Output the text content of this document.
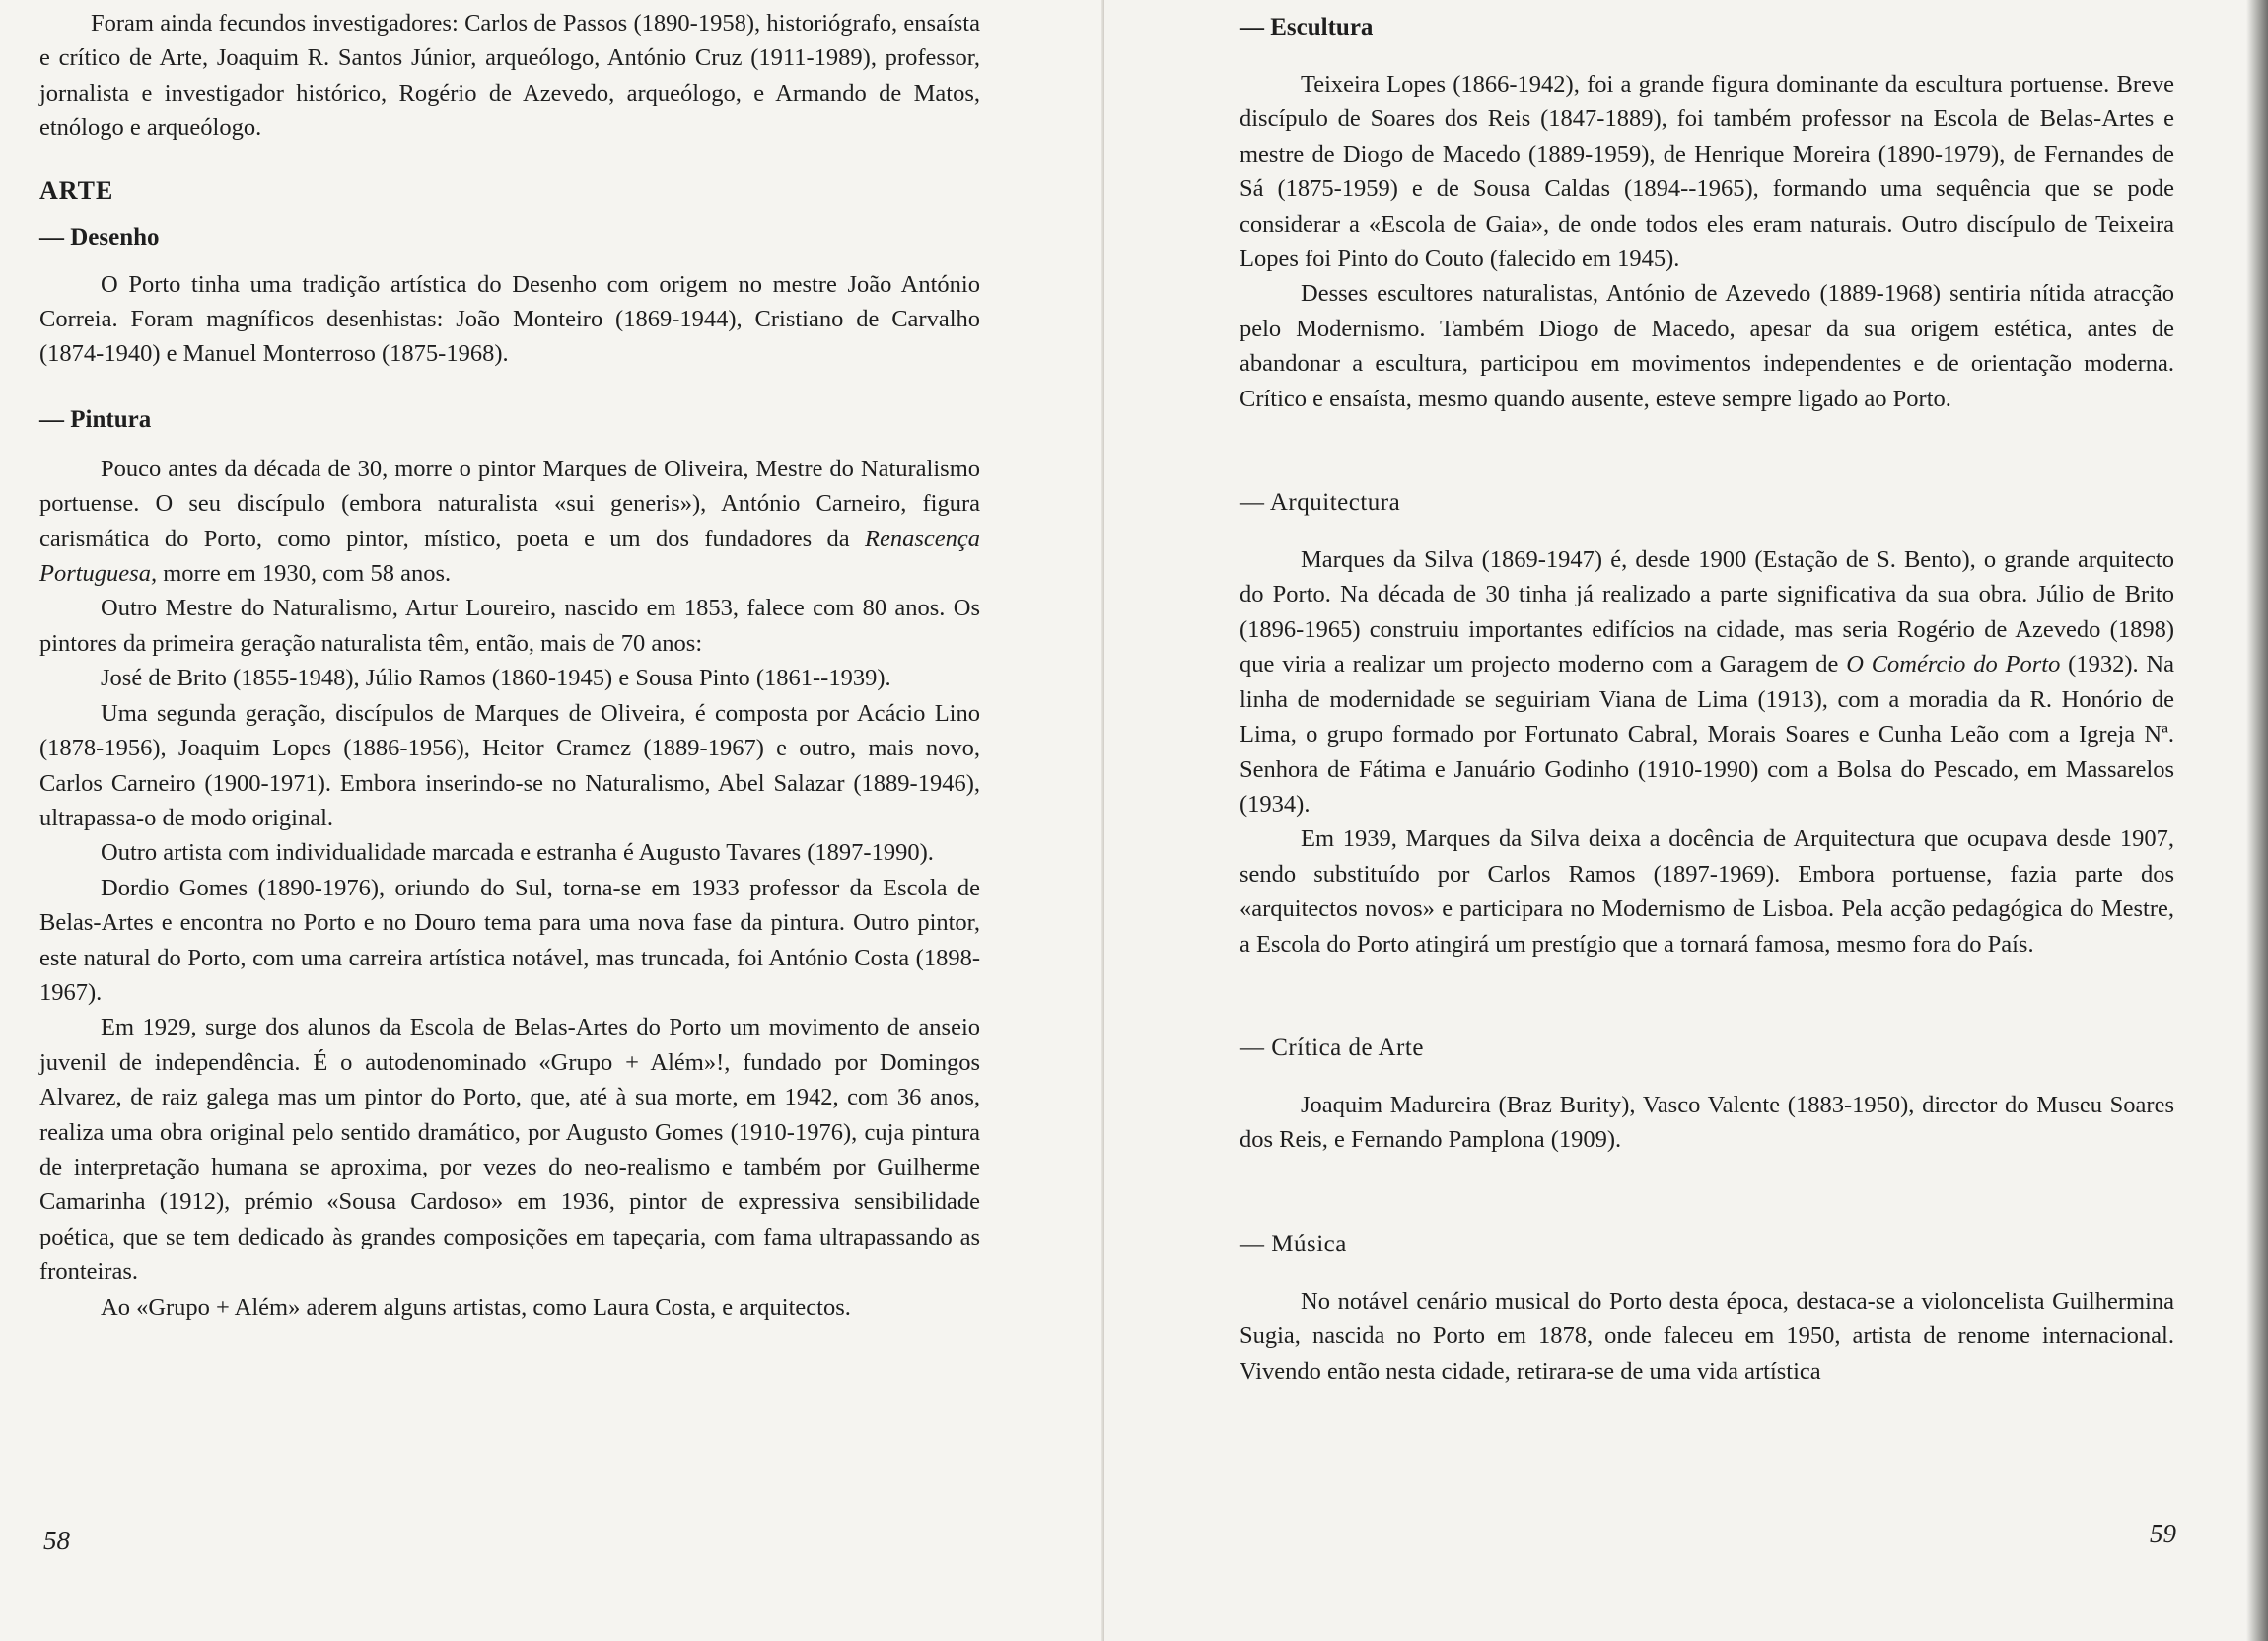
Foram ainda fecundos investigadores: Carlos de Passos (1890-1958), historiógrafo, ensaísta e crítico de Arte, Joaquim R. Santos Júnior, arqueólogo, António Cruz (1911-1989), professor, jornalista e investigador histórico, Rogério de Azevedo, arqueólogo, e Armando de Matos, etnólogo e arqueólogo.

ARTE
— Desenho

O Porto tinha uma tradição artística do Desenho com origem no mestre João António Correia. Foram magníficos desenhistas: João Monteiro (1869-1944), Cristiano de Carvalho (1874-1940) e Manuel Monterroso (1875-1968).

— Pintura

Pouco antes da década de 30, morre o pintor Marques de Oliveira, Mestre do Naturalismo portuense. O seu discípulo (embora naturalista «sui generis»), António Carneiro, figura carismática do Porto, como pintor, místico, poeta e um dos fundadores da Renascença Portuguesa, morre em 1930, com 58 anos.

Outro Mestre do Naturalismo, Artur Loureiro, nascido em 1853, falece com 80 anos. Os pintores da primeira geração naturalista têm, então, mais de 70 anos:

José de Brito (1855-1948), Júlio Ramos (1860-1945) e Sousa Pinto (1861--1939).

Uma segunda geração, discípulos de Marques de Oliveira, é composta por Acácio Lino (1878-1956), Joaquim Lopes (1886-1956), Heitor Cramez (1889-1967) e outro, mais novo, Carlos Carneiro (1900-1971). Embora inserindo-se no Naturalismo, Abel Salazar (1889-1946), ultrapassa-o de modo original.

Outro artista com individualidade marcada e estranha é Augusto Tavares (1897-1990).

Dordio Gomes (1890-1976), oriundo do Sul, torna-se em 1933 professor da Escola de Belas-Artes e encontra no Porto e no Douro tema para uma nova fase da pintura. Outro pintor, este natural do Porto, com uma carreira artística notável, mas truncada, foi António Costa (1898-1967).

Em 1929, surge dos alunos da Escola de Belas-Artes do Porto um movimento de anseio juvenil de independência. É o autodenominado «Grupo + Além»!, fundado por Domingos Alvarez, de raiz galega mas um pintor do Porto, que, até à sua morte, em 1942, com 36 anos, realiza uma obra original pelo sentido dramático, por Augusto Gomes (1910-1976), cuja pintura de interpretação humana se aproxima, por vezes do neo-realismo e também por Guilherme Camarinha (1912), prémio «Sousa Cardoso» em 1936, pintor de expressiva sensibilidade poética, que se tem dedicado às grandes composições em tapeçaria, com fama ultrapassando as fronteiras.

Ao «Grupo + Além» aderem alguns artistas, como Laura Costa, e arquitectos.

58
— Escultura

Teixeira Lopes (1866-1942), foi a grande figura dominante da escultura portuense. Breve discípulo de Soares dos Reis (1847-1889), foi também professor na Escola de Belas-Artes e mestre de Diogo de Macedo (1889-1959), de Henrique Moreira (1890-1979), de Fernandes de Sá (1875-1959) e de Sousa Caldas (1894--1965), formando uma sequência que se pode considerar a «Escola de Gaia», de onde todos eles eram naturais. Outro discípulo de Teixeira Lopes foi Pinto do Couto (falecido em 1945).

Desses escultores naturalistas, António de Azevedo (1889-1968) sentiria nítida atracção pelo Modernismo. Também Diogo de Macedo, apesar da sua origem estética, antes de abandonar a escultura, participou em movimentos independentes e de orientação moderna. Crítico e ensaísta, mesmo quando ausente, esteve sempre ligado ao Porto.

— Arquitectura

Marques da Silva (1869-1947) é, desde 1900 (Estação de S. Bento), o grande arquitecto do Porto. Na década de 30 tinha já realizado a parte significativa da sua obra. Júlio de Brito (1896-1965) construiu importantes edifícios na cidade, mas seria Rogério de Azevedo (1898) que viria a realizar um projecto moderno com a Garagem de O Comércio do Porto (1932). Na linha de modernidade se seguiriam Viana de Lima (1913), com a moradia da R. Honório de Lima, o grupo formado por Fortunato Cabral, Morais Soares e Cunha Leão com a Igreja Nª. Senhora de Fátima e Januário Godinho (1910-1990) com a Bolsa do Pescado, em Massarelos (1934).

Em 1939, Marques da Silva deixa a docência de Arquitectura que ocupava desde 1907, sendo substituído por Carlos Ramos (1897-1969). Embora portuense, fazia parte dos «arquitectos novos» e participara no Modernismo de Lisboa. Pela acção pedagógica do Mestre, a Escola do Porto atingirá um prestígio que a tornará famosa, mesmo fora do País.

— Crítica de Arte

Joaquim Madureira (Braz Burity), Vasco Valente (1883-1950), director do Museu Soares dos Reis, e Fernando Pamplona (1909).

— Música

No notável cenário musical do Porto desta época, destaca-se a violoncelista Guilhermina Sugia, nascida no Porto em 1878, onde faleceu em 1950, artista de renome internacional. Vivendo então nesta cidade, retirara-se de uma vida artística

59
